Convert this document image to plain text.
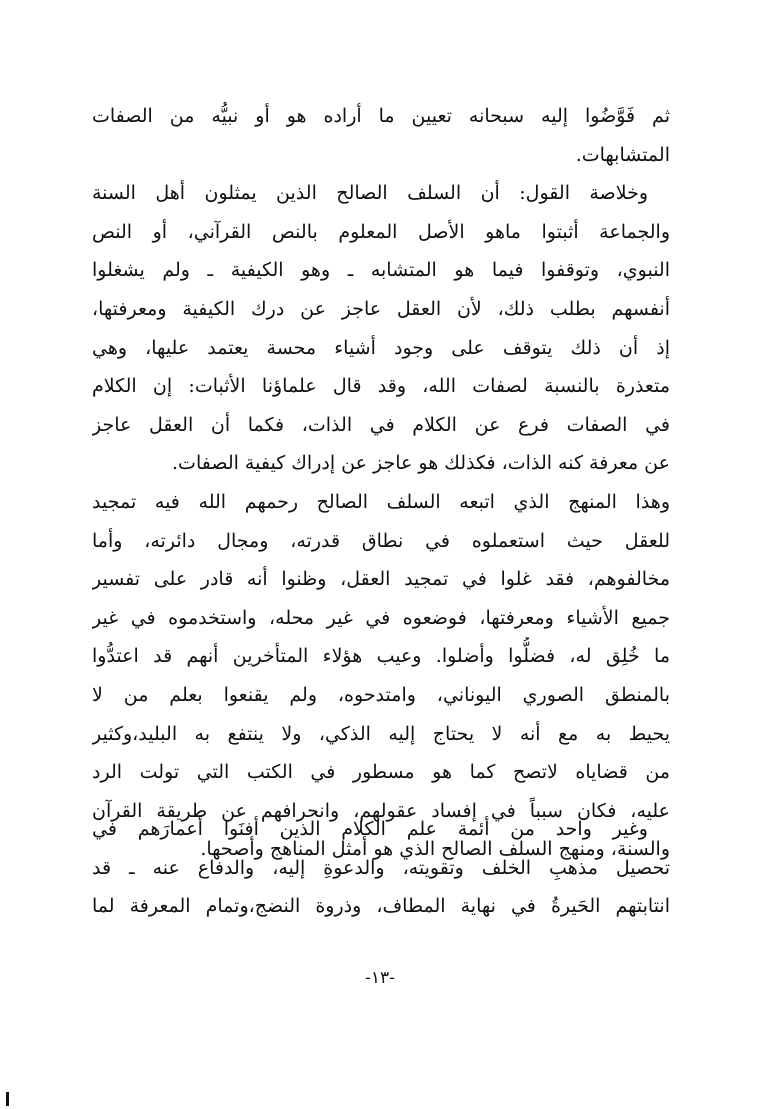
ثم فَوَّضُوا إليه سبحانه تعيين ما أراده هو أو نبيُّه من الصفات
المتشابهات.
وخلاصة القول: أن السلف الصالح الذين يمثلون أهل السنة
والجماعة أثبتوا ماهو الأصل المعلوم بالنص القرآني، أو النص
النبوي، وتوقفوا فيما هو المتشابه ـ وهو الكيفية ـ ولم يشغلوا
أنفسهم بطلب ذلك، لأن العقل عاجز عن درك الكيفية ومعرفتها،
إذ أن ذلك يتوقف على وجود أشياء محسة يعتمد عليها، وهي
متعذرة بالنسبة لصفات الله، وقد قال علماؤنا الأثبات: إن الكلام
في الصفات فرع عن الكلام في الذات، فكما أن العقل عاجز
عن معرفة كنه الذات، فكذلك هو عاجز عن إدراك كيفية الصفات.
وهذا المنهج الذي اتبعه السلف الصالح رحمهم الله فيه تمجيد
للعقل حيث استعملوه في نطاق قدرته، ومجال دائرته، وأما
مخالفوهم، فقد غلوا في تمجيد العقل، وظنوا أنه قادر على تفسير
جميع الأشياء ومعرفتها، فوضعوه في غير محله، واستخدموه في غير
ما خُلِق له، فضلُّوا وأضلوا. وعيب هؤلاء المتأخرين أنهم قد اعتدُّوا
بالمنطق الصوري اليوناني، وامتدحوه، ولم يقنعوا بعلم من لا
يحيط به مع أنه لا يحتاج إليه الذكي، ولا ينتفع به البليد،وكثير
من قضاياه لاتصح كما هو مسطور في الكتب التي تولت الرد
عليه، فكان سبباً في إفساد عقولهم، وانحرافهم عن طريقة القرآن
والسنة، ومنهج السلف الصالح الذي هو أمثل المناهج وأصحها.
وغير واحد من أئمة علم الكلام الذين أفنَوا أعمارَهم في
تحصيل مذهبِ الخلف وتقويته، والدعوةِ إليه، والدفاع عنه ـ قد
انتابتهم الحَيرةُ في نهاية المطاف، وذروة النضج،وتمام المعرفة لما
-١٣-
